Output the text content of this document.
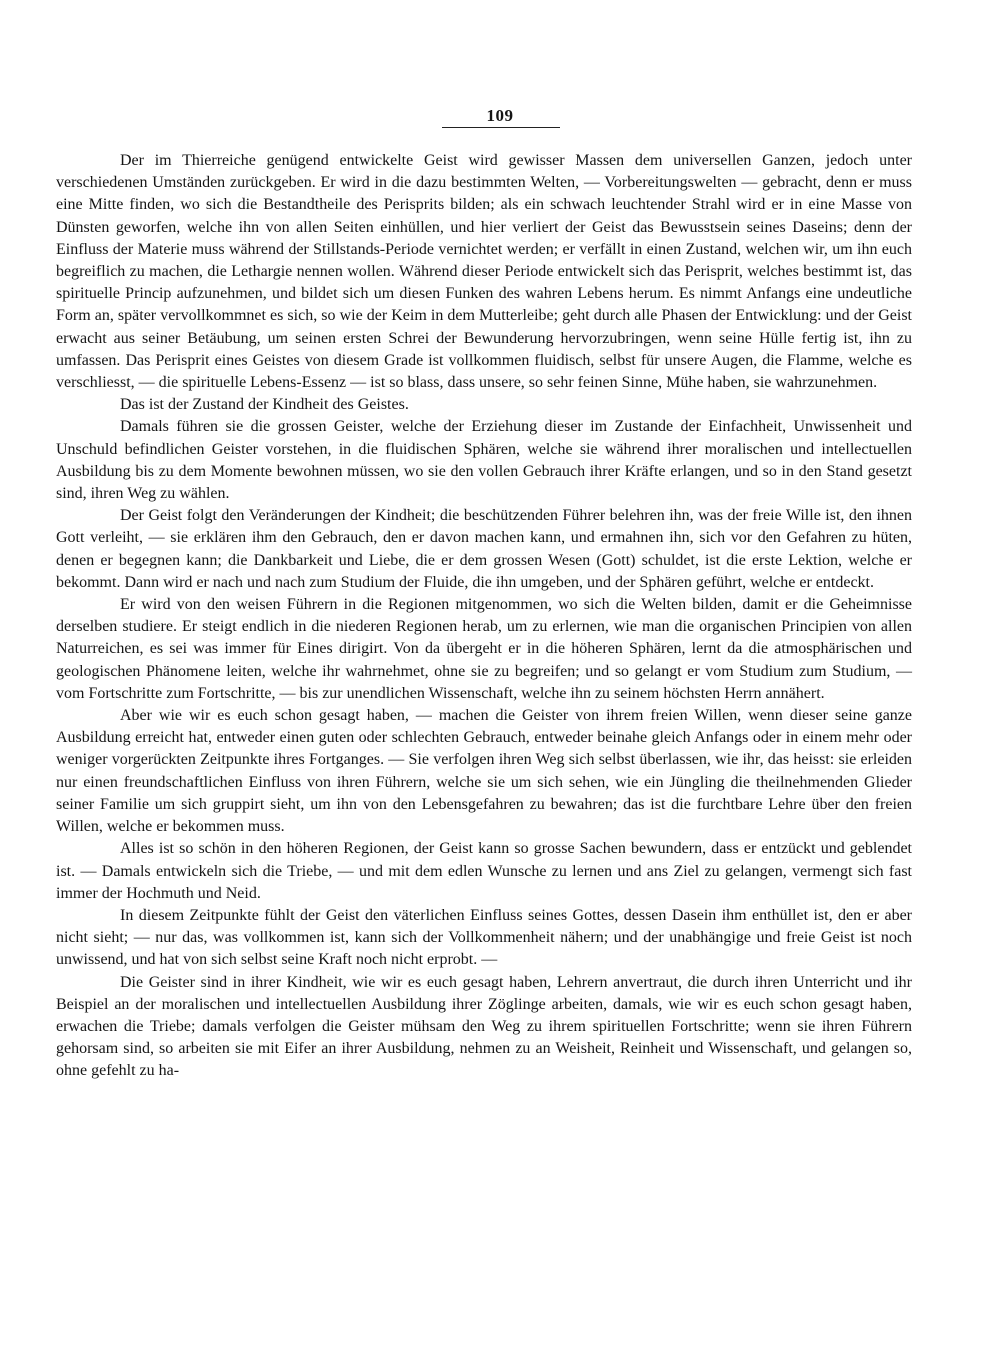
109

Der im Thierreiche genügend entwickelte Geist wird gewisser Massen dem universellen Ganzen, jedoch unter verschiedenen Umständen zurückgeben. Er wird in die dazu bestimmten Welten, — Vorbereitungswelten — gebracht, denn er muss eine Mitte finden, wo sich die Bestandtheile des Perisprits bilden; als ein schwach leuchtender Strahl wird er in eine Masse von Dünsten geworfen, welche ihn von allen Seiten einhüllen, und hier verliert der Geist das Bewusstsein seines Daseins; denn der Einfluss der Materie muss während der Stillstands-Periode vernichtet werden; er verfällt in einen Zustand, welchen wir, um ihn euch begreiflich zu machen, die Lethargie nennen wollen. Während dieser Periode entwickelt sich das Perisprit, welches bestimmt ist, das spirituelle Princip aufzunehmen, und bildet sich um diesen Funken des wahren Lebens herum. Es nimmt Anfangs eine undeutliche Form an, später vervollkommnet es sich, so wie der Keim in dem Mutterleibe; geht durch alle Phasen der Entwicklung: und der Geist erwacht aus seiner Betäubung, um seinen ersten Schrei der Bewunderung hervorzubringen, wenn seine Hülle fertig ist, ihn zu umfassen. Das Perisprit eines Geistes von diesem Grade ist vollkommen fluidisch, selbst für unsere Augen, die Flamme, welche es verschliesst, — die spirituelle Lebens-Essenz — ist so blass, dass unsere, so sehr feinen Sinne, Mühe haben, sie wahrzunehmen.

Das ist der Zustand der Kindheit des Geistes.

Damals führen sie die grossen Geister, welche der Erziehung dieser im Zustande der Einfachheit, Unwissenheit und Unschuld befindlichen Geister vorstehen, in die fluidischen Sphären, welche sie während ihrer moralischen und intellectuellen Ausbildung bis zu dem Momente bewohnen müssen, wo sie den vollen Gebrauch ihrer Kräfte erlangen, und so in den Stand gesetzt sind, ihren Weg zu wählen.

Der Geist folgt den Veränderungen der Kindheit; die beschützenden Führer belehren ihn, was der freie Wille ist, den ihnen Gott verleiht, — sie erklären ihm den Gebrauch, den er davon machen kann, und ermahnen ihn, sich vor den Gefahren zu hüten, denen er begegnen kann; die Dankbarkeit und Liebe, die er dem grossen Wesen (Gott) schuldet, ist die erste Lektion, welche er bekommt. Dann wird er nach und nach zum Studium der Fluide, die ihn umgeben, und der Sphären geführt, welche er entdeckt.

Er wird von den weisen Führern in die Regionen mitgenommen, wo sich die Welten bilden, damit er die Geheimnisse derselben studiere. Er steigt endlich in die niederen Regionen herab, um zu erlernen, wie man die organischen Principien von allen Naturreichen, es sei was immer für Eines dirigirt. Von da übergeht er in die höheren Sphären, lernt da die atmosphärischen und geologischen Phänomene leiten, welche ihr wahrnehmet, ohne sie zu begreifen; und so gelangt er vom Studium zum Studium, — vom Fortschritte zum Fortschritte, — bis zur unendlichen Wissenschaft, welche ihn zu seinem höchsten Herrn annähert.

Aber wie wir es euch schon gesagt haben, — machen die Geister von ihrem freien Willen, wenn dieser seine ganze Ausbildung erreicht hat, entweder einen guten oder schlechten Gebrauch, entweder beinahe gleich Anfangs oder in einem mehr oder weniger vorgerückten Zeitpunkte ihres Fortganges. — Sie verfolgen ihren Weg sich selbst überlassen, wie ihr, das heisst: sie erleiden nur einen freundschaftlichen Einfluss von ihren Führern, welche sie um sich sehen, wie ein Jüngling die theilnehmenden Glieder seiner Familie um sich gruppirt sieht, um ihn von den Lebensgefahren zu bewahren; das ist die furchtbare Lehre über den freien Willen, welche er bekommen muss.

Alles ist so schön in den höheren Regionen, der Geist kann so grosse Sachen bewundern, dass er entzückt und geblendet ist. — Damals entwickeln sich die Triebe, — und mit dem edlen Wunsche zu lernen und ans Ziel zu gelangen, vermengt sich fast immer der Hochmuth und Neid.

In diesem Zeitpunkte fühlt der Geist den väterlichen Einfluss seines Gottes, dessen Dasein ihm enthüllet ist, den er aber nicht sieht; — nur das, was vollkommen ist, kann sich der Vollkommenheit nähern; und der unabhängige und freie Geist ist noch unwissend, und hat von sich selbst seine Kraft noch nicht erprobt. —

Die Geister sind in ihrer Kindheit, wie wir es euch gesagt haben, Lehrern anvertraut, die durch ihren Unterricht und ihr Beispiel an der moralischen und intellectuellen Ausbildung ihrer Zöglinge arbeiten, damals, wie wir es euch schon gesagt haben, erwachen die Triebe; damals verfolgen die Geister mühsam den Weg zu ihrem spirituellen Fortschritte; wenn sie ihren Führern gehorsam sind, so arbeiten sie mit Eifer an ihrer Ausbildung, nehmen zu an Weisheit, Reinheit und Wissenschaft, und gelangen so, ohne gefehlt zu ha-
